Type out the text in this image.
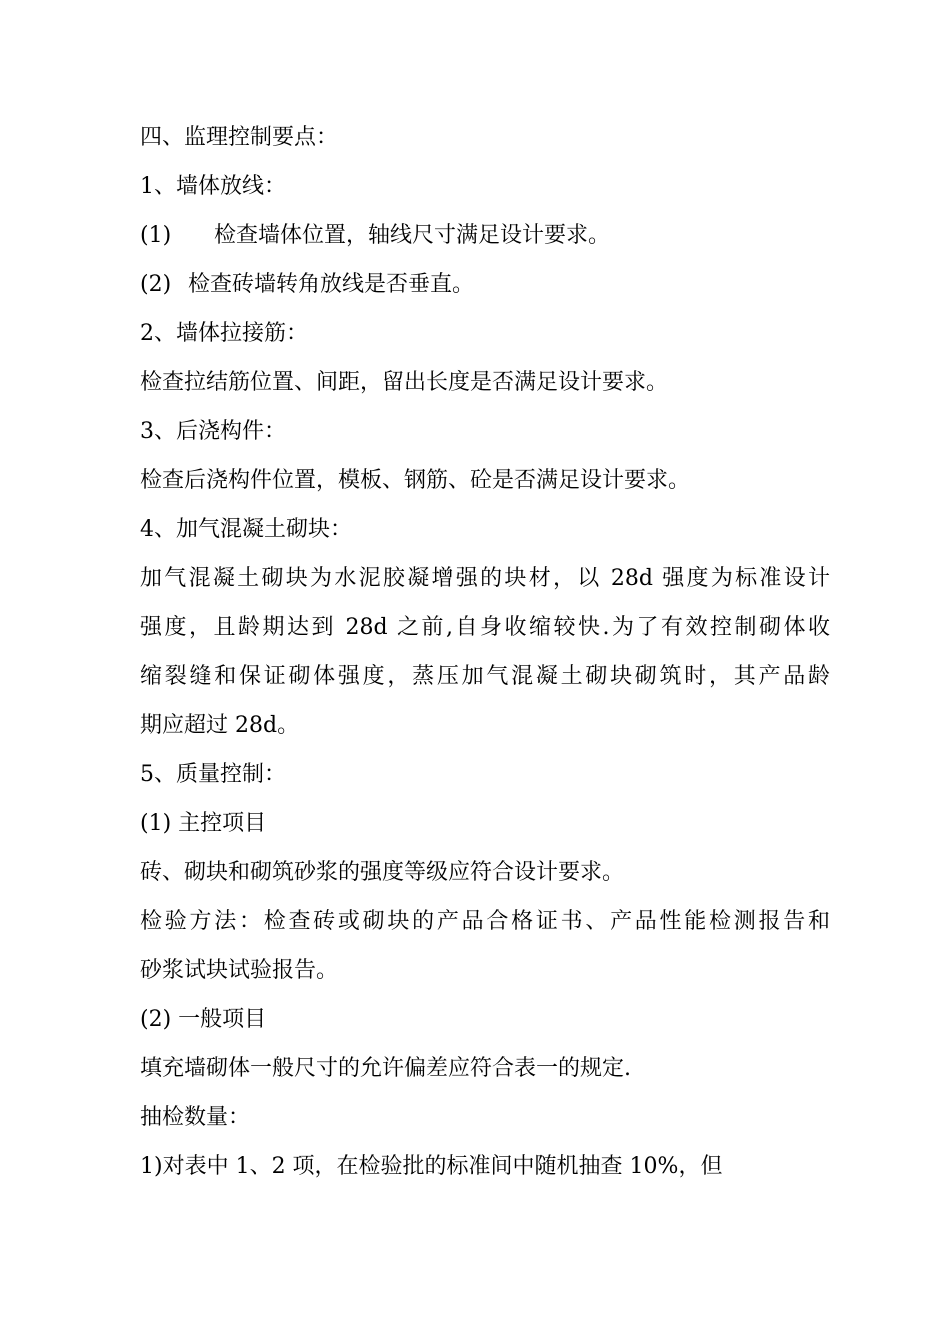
四、监理控制要点：
1、墙体放线：
(1) 检查墙体位置，轴线尺寸满足设计要求。
(2) 检查砖墙转角放线是否垂直。
2、墙体拉接筋：
检查拉结筋位置、间距，留出长度是否满足设计要求。
3、后浇构件：
检查后浇构件位置，模板、钢筋、砼是否满足设计要求。
4、加气混凝土砌块：
加气混凝土砌块为水泥胶凝增强的块材，以 28d 强度为标准设计
强度，且龄期达到 28d 之前,自身收缩较快.为了有效控制砌体收
缩裂缝和保证砌体强度，蒸压加气混凝土砌块砌筑时，其产品龄
期应超过 28d。
5、质量控制：
(1) 主控项目
砖、砌块和砌筑砂浆的强度等级应符合设计要求。
检验方法：检查砖或砌块的产品合格证书、产品性能检测报告和
砂浆试块试验报告。
(2) 一般项目
填充墙砌体一般尺寸的允许偏差应符合表一的规定.
抽检数量：
1)对表中 1、2 项，在检验批的标准间中随机抽查 10%，但
